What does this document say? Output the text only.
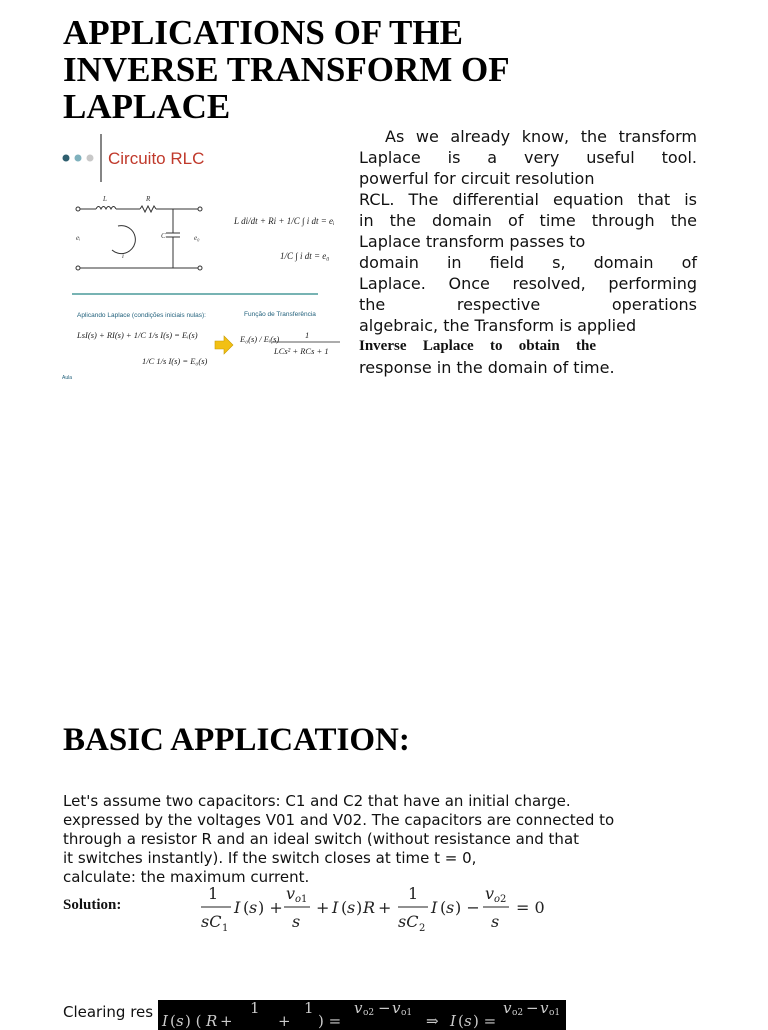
APPLICATIONS OF THE INVERSE TRANSFORM OF LAPLACE
Circuito RLC
L	R
C
eᵢ	e₀
i
L di/dt + Ri + 1/C ∫ i dt = eᵢ
1/C ∫ i dt = e₀
Aplicando Laplace (condições iniciais nulas):	Função de Transferência
LsI(s) + RI(s) + 1/C 1/s I(s) = Eᵢ(s)
1/C 1/s I(s) = E₀(s)
E₀(s) / Eᵢ(s)	1
LCs² + RCs + 1
Aula
As we already know, the transform
Laplace is a very useful tool.
powerful for circuit resolution
RCL. The differential equation that is
in the domain of time through the
Laplace transform passes to
domain in field s, domain of
Laplace. Once resolved, performing
the respective operations
algebraic, the Transform is applied
Inverse Laplace to obtain the
response in the domain of time.
BASIC APPLICATION:
Let's assume two capacitors: C1 and C2 that have an initial charge.
expressed by the voltages V01 and V02. The capacitors are connected to
through a resistor R and an ideal switch (without resistance and that
it switches instantly). If the switch closes at time t = 0,
calculate: the maximum current.
Solution:
1
sC 1
I ( s ) +
v o 1
s
+ I ( s ) R +
1
sC 2
I ( s ) −
v o 2
s
= 0
Clearing res I ( s ) ( R +
1
+
1
) =
v o2 − v o1 ⇒ I ( s ) =
v o2 − v o1
